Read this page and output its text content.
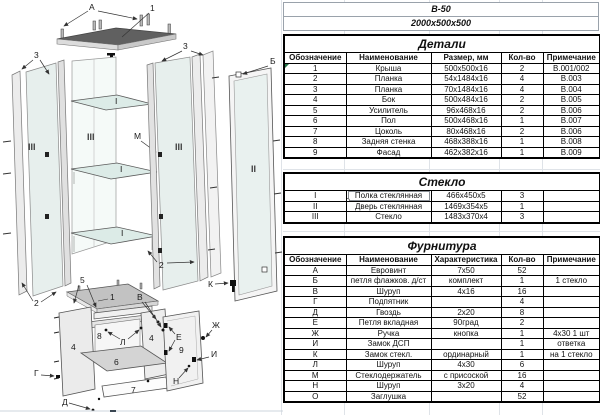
А	1
3
III
2
III
I
I
I
М
3
III
2
II
Б
К
1
5
В
Л
4
4
8
6
7
9
Е
Ж
И
Н
Г
Д
В-50
2000х500х500
Детали				
Обозначение	Наименование	Размер, мм	Кол-во	Примечание
1	Крыша	500х500х16	2	В.001/002
2	Планка	54х1484х16	4	В.003
3	Планка	70х1484х16	4	В.004
4	Бок	500х484х16	2	В.005
5	Усилитель	96х468х16	2	В.006
6	Пол	500х468х16	1	В.007
7	Цоколь	80х468х16	2	В.006
8	Задняя стенка	468х388х16	1	В.008
9	Фасад	462х382х16	1	В.009
Стекло				
I	Полка стеклянная	466х450х5	3	
II	Дверь стеклянная	1469х354х5	1	
III	Стекло	1483х370х4	3	
Фурнитура				
Обозначение	Наименование	Характеристика	Кол-во	Примечание
А	Евровинт	7х50	52	
Б	петля флажков. д/ст	комплект	1	1 стекло
В	Шуруп	4х16	16	
Г	Подпятник		4	
Д	Гвоздь	2х20	8	
Е	Петля вкладная	90град	2	
Ж	Ручка	кнопка	1	4х30 1 шт
И	Замок ДСП		1	ответка
К	Замок стекл.	ординарный	1	на 1 стекло
Л	Шуруп	4х30	6	
М	Стеклодержатель	с присоской	16	
Н	Шуруп	3х20	4	
О	Заглушка		52	
